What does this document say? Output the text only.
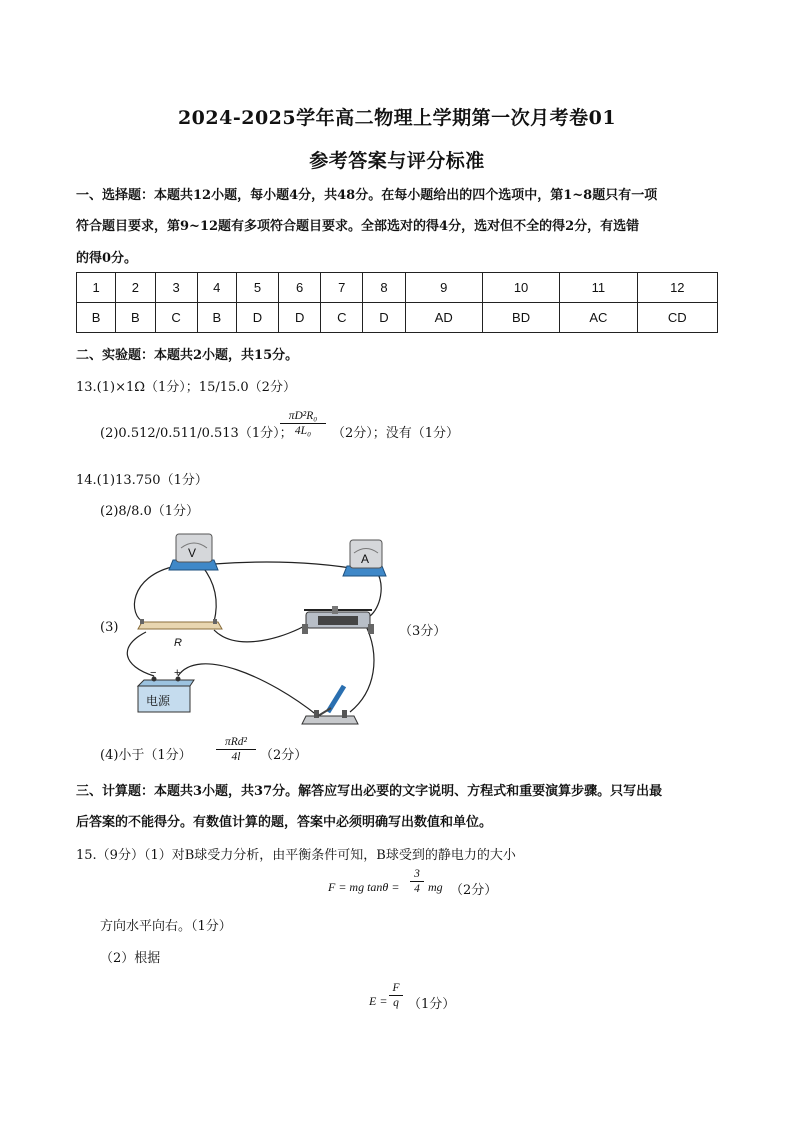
2024-2025学年高二物理上学期第一次月考卷01
参考答案与评分标准
一、选择题：本题共12小题，每小题4分，共48分。在每小题给出的四个选项中，第1~8题只有一项
符合题目要求，第9~12题有多项符合题目要求。全部选对的得4分，选对但不全的得2分，有选错
的得0分。
1	2	3	4	5	6	7	8	9	10	11	12
B	B	C	B	D	D	C	D	AD	BD	AC	CD
二、实验题：本题共2小题，共15分。
13.(1)×1Ω（1分）；15/15.0（2分）
(2)0.512/0.511/0.513（1分）；
πD²R₀
4L₀	（2分）；没有（1分）
14.(1)13.750（1分）
(2)8/8.0（1分）
(3)	（3分）
V	A
R
− +
电源
(4)小于（1分）
πRd²
4l	（2分）
三、计算题：本题共3小题，共37分。解答应写出必要的文字说明、方程式和重要演算步骤。只写出最
后答案的不能得分。有数值计算的题，答案中必须明确写出数值和单位。
15.（9分）（1）对B球受力分析，由平衡条件可知，B球受到的静电力的大小
F = mg tanθ =
3
4 mg （2分）
方向水平向右。（1分）
（2）根据
E =
F
q （1分）
